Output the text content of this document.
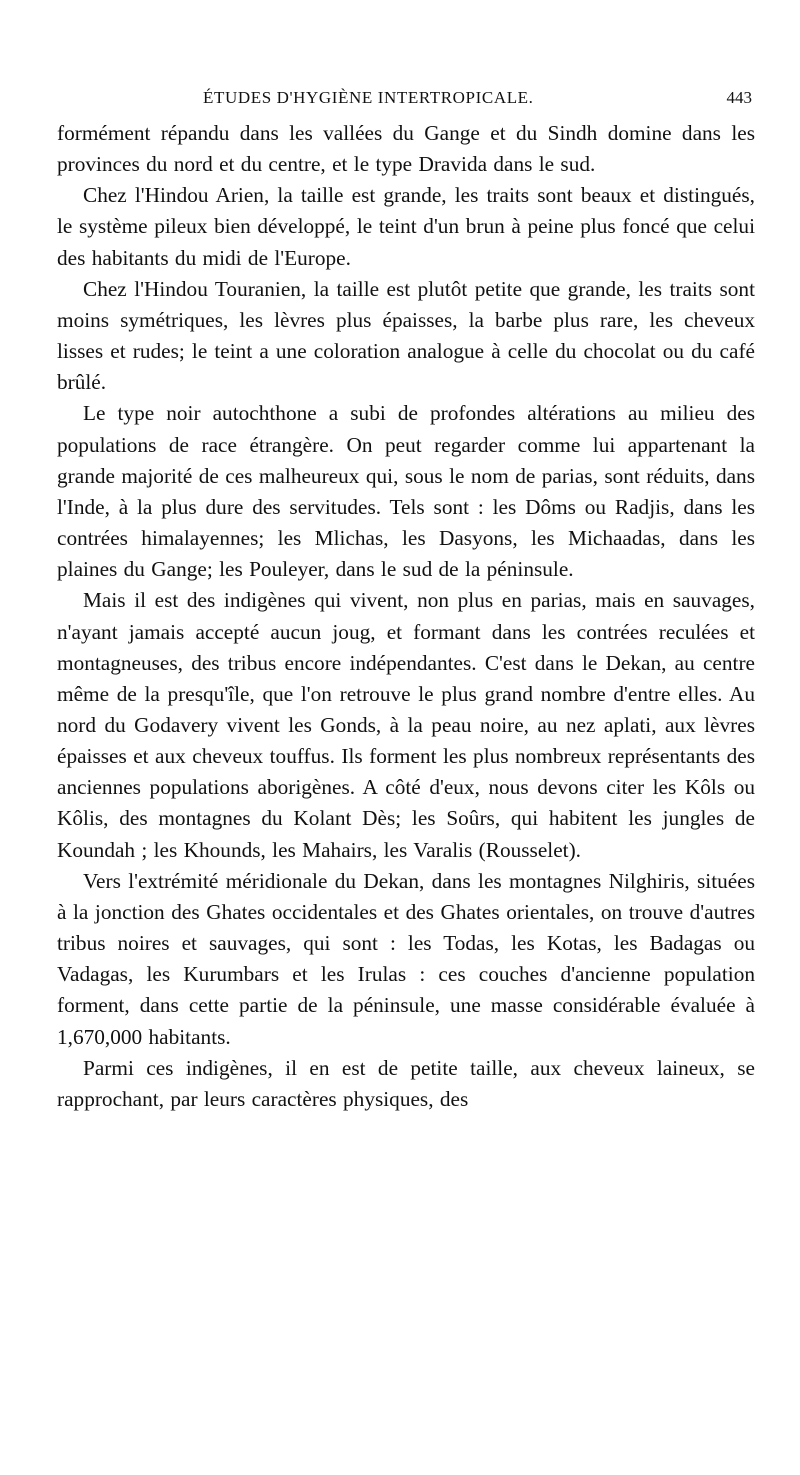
ÉTUDES D'HYGIÈNE INTERTROPICALE.	443

formément répandu dans les vallées du Gange et du Sindh domine dans les provinces du nord et du centre, et le type Dravida dans le sud.

Chez l'Hindou Arien, la taille est grande, les traits sont beaux et distingués, le système pileux bien développé, le teint d'un brun à peine plus foncé que celui des habitants du midi de l'Europe.

Chez l'Hindou Touranien, la taille est plutôt petite que grande, les traits sont moins symétriques, les lèvres plus épaisses, la barbe plus rare, les cheveux lisses et rudes; le teint a une coloration analogue à celle du chocolat ou du café brûlé.

Le type noir autochthone a subi de profondes altérations au milieu des populations de race étrangère. On peut regarder comme lui appartenant la grande majorité de ces malheureux qui, sous le nom de parias, sont réduits, dans l'Inde, à la plus dure des servitudes. Tels sont : les Dôms ou Radjis, dans les contrées himalayennes; les Mlichas, les Dasyons, les Michaadas, dans les plaines du Gange; les Pouleyer, dans le sud de la péninsule.

Mais il est des indigènes qui vivent, non plus en parias, mais en sauvages, n'ayant jamais accepté aucun joug, et formant dans les contrées reculées et montagneuses, des tribus encore indépendantes. C'est dans le Dekan, au centre même de la presqu'île, que l'on retrouve le plus grand nombre d'entre elles. Au nord du Godavery vivent les Gonds, à la peau noire, au nez aplati, aux lèvres épaisses et aux cheveux touffus. Ils forment les plus nombreux représentants des anciennes populations aborigènes. A côté d'eux, nous devons citer les Kôls ou Kôlis, des montagnes du Kolant Dès; les Soûrs, qui habitent les jungles de Koundah ; les Khounds, les Mahairs, les Varalis (Rousselet).

Vers l'extrémité méridionale du Dekan, dans les montagnes Nilghiris, situées à la jonction des Ghates occidentales et des Ghates orientales, on trouve d'autres tribus noires et sauvages, qui sont : les Todas, les Kotas, les Badagas ou Vadagas, les Kurumbars et les Irulas : ces couches d'ancienne population forment, dans cette partie de la péninsule, une masse considérable évaluée à 1,670,000 habitants.

Parmi ces indigènes, il en est de petite taille, aux cheveux laineux, se rapprochant, par leurs caractères physiques, des
